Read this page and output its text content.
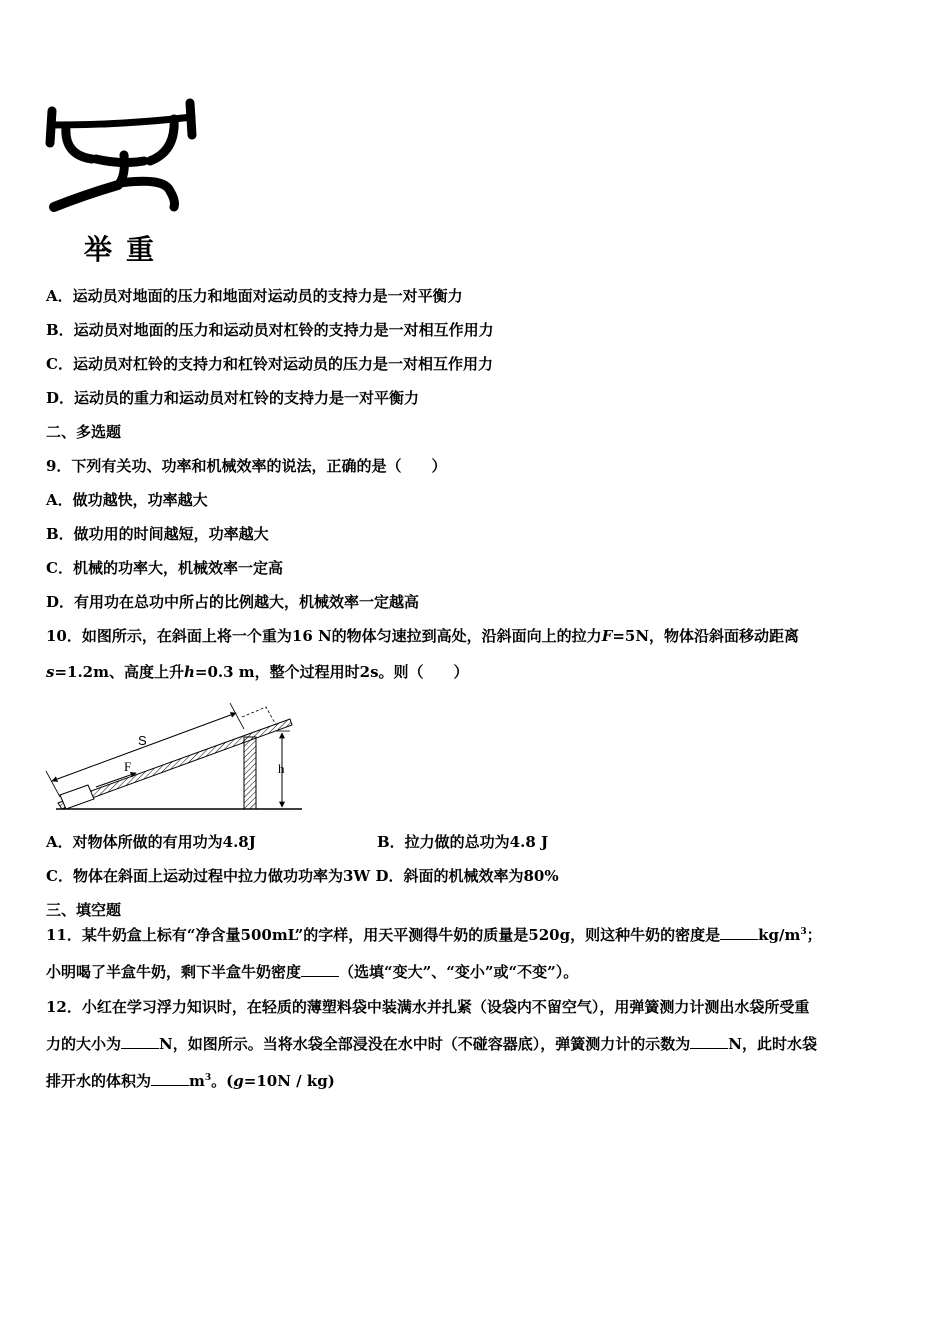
举重

A．运动员对地面的压力和地面对运动员的支持力是一对平衡力

B．运动员对地面的压力和运动员对杠铃的支持力是一对相互作用力

C．运动员对杠铃的支持力和杠铃对运动员的压力是一对相互作用力

D．运动员的重力和运动员对杠铃的支持力是一对平衡力

二、多选题

9．下列有关功、功率和机械效率的说法，正确的是（　　）

A．做功越快，功率越大

B．做功用的时间越短，功率越大

C．机械的功率大，机械效率一定高

D．有用功在总功中所占的比例越大，机械效率一定越高

10．如图所示，在斜面上将一个重为16 N的物体匀速拉到高处，沿斜面向上的拉力F=5N，物体沿斜面移动距离

s=1.2m、高度上升h=0.3 m，整个过程用时2s。则（　　）

F
S
h

A．对物体所做的有用功为4.8J	B．拉力做的总功为4.8 J

C．物体在斜面上运动过程中拉力做功功率为3W D．斜面的机械效率为80%

三、填空题

11．某牛奶盒上标有“净含量500mL”的字样，用天平测得牛奶的质量是520g，则这种牛奶的密度是	$kg/m^3$；

小明喝了半盒牛奶，剩下半盒牛奶密度	（选填“变大”、“变小”或“不变”）。

12．小红在学习浮力知识时，在轻质的薄塑料袋中装满水并扎紧（设袋内不留空气），用弹簧测力计测出水袋所受重

力的大小为	N，如图所示。当将水袋全部浸没在水中时（不碰容器底），弹簧测力计的示数为	N，此时水袋

排开水的体积为	$m^3$。(g=10N / kg)
